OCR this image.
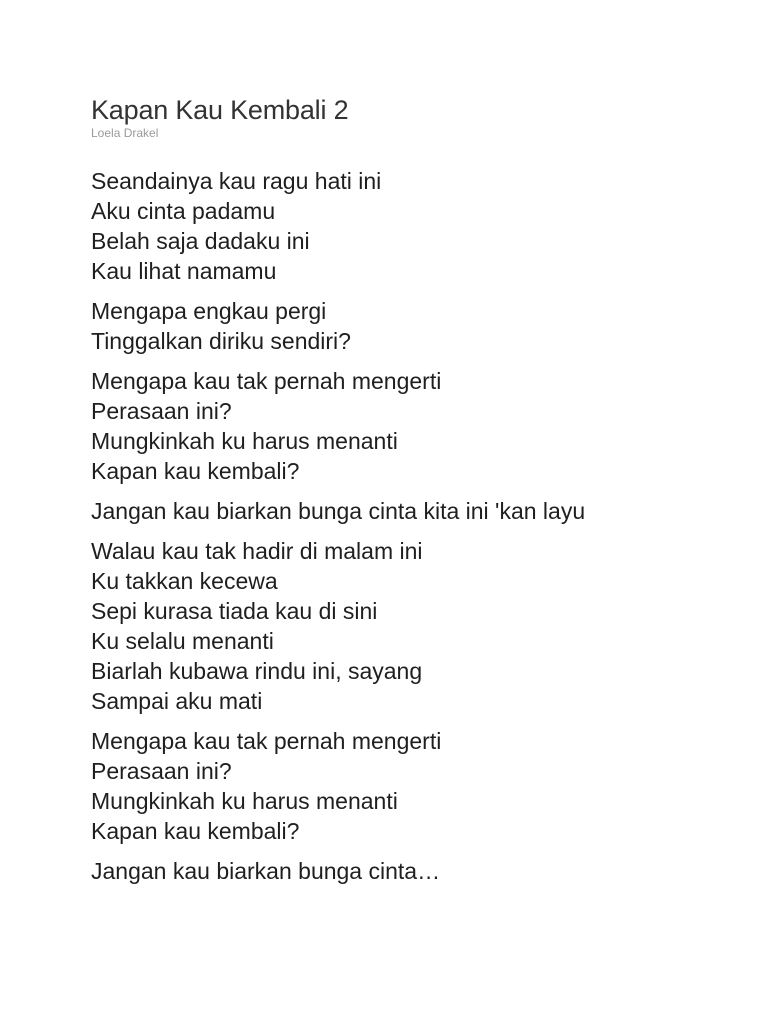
Kapan Kau Kembali 2
Loela Drakel
Seandainya kau ragu hati ini
Aku cinta padamu
Belah saja dadaku ini
Kau lihat namamu
Mengapa engkau pergi
Tinggalkan diriku sendiri?
Mengapa kau tak pernah mengerti
Perasaan ini?
Mungkinkah ku harus menanti
Kapan kau kembali?
Jangan kau biarkan bunga cinta kita ini 'kan layu
Walau kau tak hadir di malam ini
Ku takkan kecewa
Sepi kurasa tiada kau di sini
Ku selalu menanti
Biarlah kubawa rindu ini, sayang
Sampai aku mati
Mengapa kau tak pernah mengerti
Perasaan ini?
Mungkinkah ku harus menanti
Kapan kau kembali?
Jangan kau biarkan bunga cinta…
